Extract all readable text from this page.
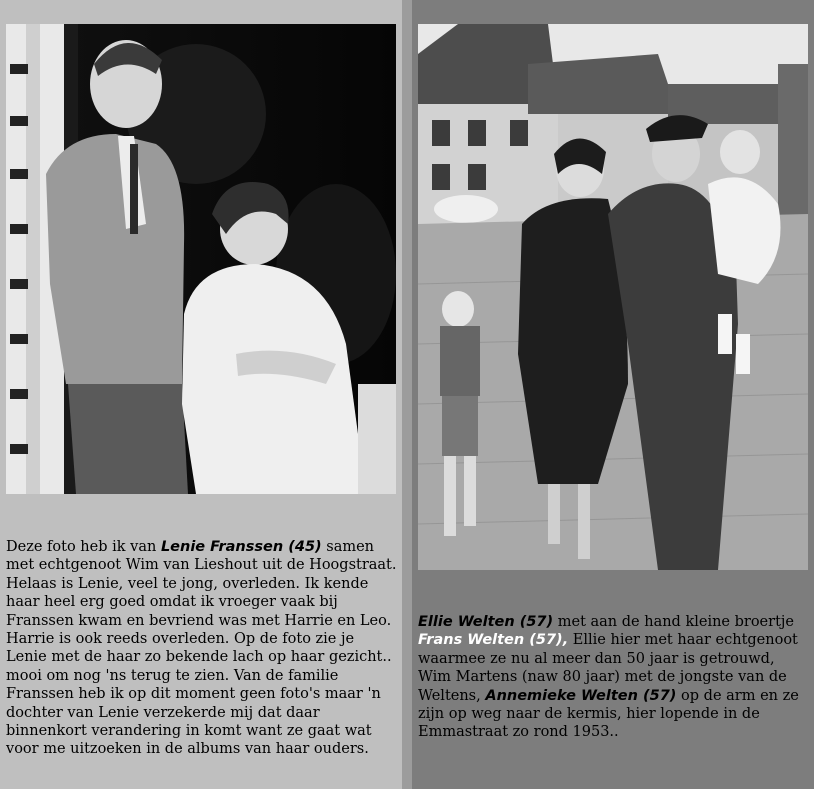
Deze foto heb ik van Lenie Franssen (45) samen met echtgenoot Wim van Lieshout uit de Hoogstraat. Helaas is Lenie, veel te jong, overleden. Ik kende haar heel erg goed omdat ik vroeger vaak bij Franssen kwam en bevriend was met Harrie en Leo. Harrie is ook reeds overleden. Op de foto zie je Lenie met de haar zo bekende lach op haar gezicht.. mooi om nog 'ns terug te zien. Van de familie Franssen heb ik op dit moment geen foto's maar 'n dochter van Lenie verzekerde mij dat daar binnenkort verandering in komt want ze gaat wat voor me uitzoeken in de albums van haar ouders.
Ellie Welten (57) met aan de hand kleine broertje Frans Welten (57), Ellie hier met haar echtgenoot waarmee ze nu al meer dan 50 jaar is getrouwd, Wim Martens (naw 80 jaar) met de jongste van de Weltens, Annemieke Welten (57) op de arm en ze zijn op weg naar de kermis, hier lopende in de Emmastraat zo rond 1953..
